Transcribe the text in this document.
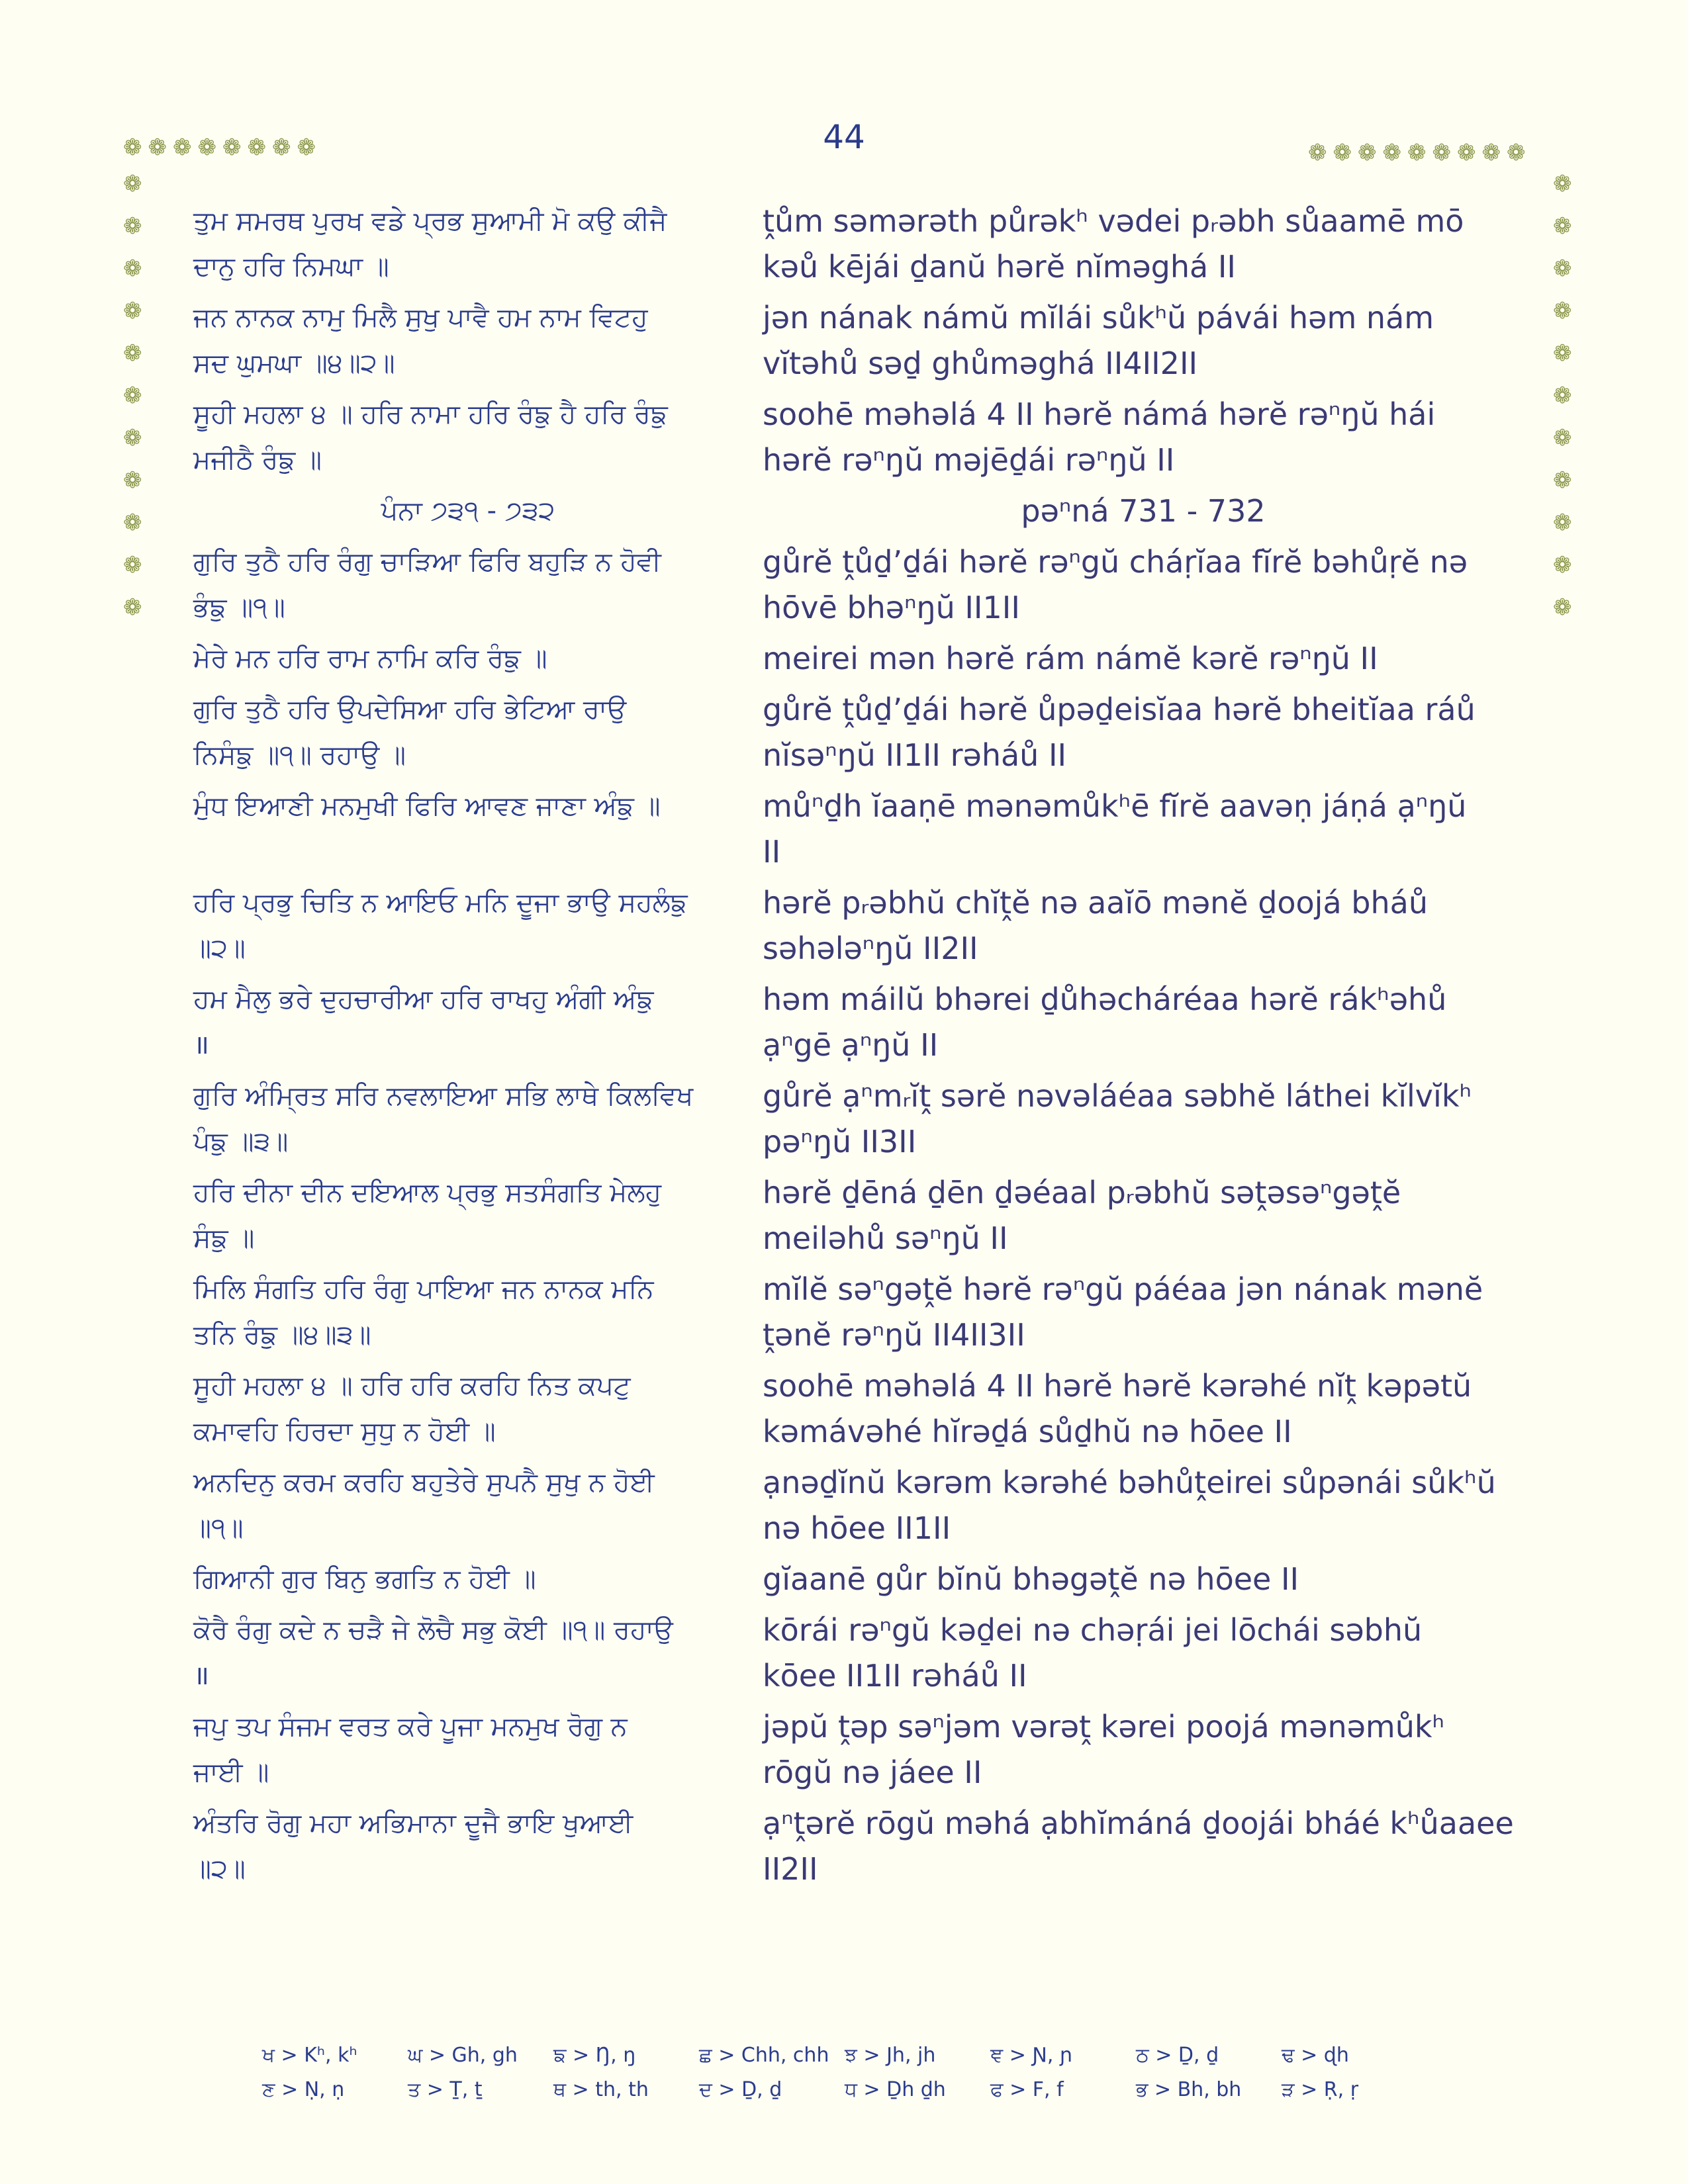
44
❁❁❁❁❁❁❁❁	❁❁❁❁❁❁❁❁❁
❁
❁
❁
❁
❁
❁
❁
❁
❁
❁
❁
❁
❁
❁
❁
❁
❁
❁
❁
❁
❁
❁
ਤੁਮ ਸਮਰਥ ਪੁਰਖ ਵਡੇ ਪ੍ਰਭ ਸੁਆਮੀ ਮੋ ਕਉ ਕੀਜੈ
ਦਾਨੁ ਹਰਿ ਨਿਮਘਾ ॥
ṱům səmərəth půrəkʰ vədei pᵣəbh sůaamē mō
kəů kējái ḏanŭ hərĕ nĭməghá II
ਜਨ ਨਾਨਕ ਨਾਮੁ ਮਿਲੈ ਸੁਖੁ ਪਾਵੈ ਹਮ ਨਾਮ ਵਿਟਹੁ
ਸਦ ਘੁਮਘਾ ॥੪॥੨॥
jən nának námŭ mĭlái sůkʰŭ pávái həm nám
vĭtəhů səḏ ghůməghá II4II2II
ਸੂਹੀ ਮਹਲਾ ੪ ॥ ਹਰਿ ਨਾਮਾ ਹਰਿ ਰੰਙੁ ਹੈ ਹਰਿ ਰੰਙੁ
ਮਜੀਠੈ ਰੰਙੁ ॥
soohē məhəlá 4 II hərĕ námá hərĕ rəⁿŋŭ hái
hərĕ rəⁿŋŭ məjēḏái rəⁿŋŭ II
ਪੰਨਾ ੭੩੧ - ੭੩੨	pəⁿná 731 - 732
ਗੁਰਿ ਤੁਠੈ ਹਰਿ ਰੰਗੁ ਚਾੜਿਆ ਫਿਰਿ ਬਹੁੜਿ ਨ ਹੋਵੀ
ਭੰਙੁ ॥੧॥
gůrĕ ṱůḏ’ḏái hərĕ rəⁿgŭ cháṛĭaa fĭrĕ bəhůṛĕ nə
hōvē bhəⁿŋŭ II1II
ਮੇਰੇ ਮਨ ਹਰਿ ਰਾਮ ਨਾਮਿ ਕਰਿ ਰੰਙੁ ॥	meirei mən hərĕ rám námĕ kərĕ rəⁿŋŭ II
ਗੁਰਿ ਤੁਠੈ ਹਰਿ ਉਪਦੇਸਿਆ ਹਰਿ ਭੇਟਿਆ ਰਾਉ
ਨਿਸੰਙੁ ॥੧॥ ਰਹਾਉ ॥
gůrĕ ṱůḏ’ḏái hərĕ ůpəḏeisĭaa hərĕ bheitĭaa ráů
nĭsəⁿŋŭ II1II rəháů II
ਮੁੰਧ ਇਆਣੀ ਮਨਮੁਖੀ ਫਿਰਿ ਆਵਣ ਜਾਣਾ ਅੰਙੁ ॥	můⁿḏh ĭaaṇē mənəmůkʰē fĭrĕ aavəṇ jáṇá ạⁿŋŭ
II
ਹਰਿ ਪ੍ਰਭੁ ਚਿਤਿ ਨ ਆਇਓ ਮਨਿ ਦੂਜਾ ਭਾਉ ਸਹਲੰਙੁ
॥੨॥
hərĕ pᵣəbhŭ chĭṱĕ nə aaĭō mənĕ ḏoojá bháů
səhələⁿŋŭ II2II
ਹਮ ਮੈਲੁ ਭਰੇ ਦੁਹਚਾਰੀਆ ਹਰਿ ਰਾਖਹੁ ਅੰਗੀ ਅੰਙੁ
॥
həm máilŭ bhərei ḏůhəcháréaa hərĕ rákʰəhů
ạⁿgē ạⁿŋŭ II
ਗੁਰਿ ਅੰਮ੍ਰਿਤ ਸਰਿ ਨਵਲਾਇਆ ਸਭਿ ਲਾਥੇ ਕਿਲਵਿਖ
ਪੰਙੁ ॥੩॥
gůrĕ ạⁿmᵣĭṱ sərĕ nəvəláéaa səbhĕ láthei kĭlvĭkʰ
pəⁿŋŭ II3II
ਹਰਿ ਦੀਨਾ ਦੀਨ ਦਇਆਲ ਪ੍ਰਭੁ ਸਤਸੰਗਤਿ ਮੇਲਹੁ
ਸੰਙੁ ॥
hərĕ ḏēná ḏēn ḏəéaal pᵣəbhŭ səṱəsəⁿgəṱĕ
meiləhů səⁿŋŭ II
ਮਿਲਿ ਸੰਗਤਿ ਹਰਿ ਰੰਗੁ ਪਾਇਆ ਜਨ ਨਾਨਕ ਮਨਿ
ਤਨਿ ਰੰਙੁ ॥੪॥੩॥
mĭlĕ səⁿgəṱĕ hərĕ rəⁿgŭ páéaa jən nának mənĕ
ṱənĕ rəⁿŋŭ II4II3II
ਸੂਹੀ ਮਹਲਾ ੪ ॥ ਹਰਿ ਹਰਿ ਕਰਹਿ ਨਿਤ ਕਪਟੁ
ਕਮਾਵਹਿ ਹਿਰਦਾ ਸੁਧੁ ਨ ਹੋਈ ॥
soohē məhəlá 4 II hərĕ hərĕ kərəhé nĭṱ kəpətŭ
kəmávəhé hĭrəḏá sůḏhŭ nə hōee II
ਅਨਦਿਨੁ ਕਰਮ ਕਰਹਿ ਬਹੁਤੇਰੇ ਸੁਪਨੈ ਸੁਖੁ ਨ ਹੋਈ
॥੧॥
ạnəḏĭnŭ kərəm kərəhé bəhůṱeirei sůpənái sůkʰŭ
nə hōee II1II
ਗਿਆਨੀ ਗੁਰ ਬਿਨੁ ਭਗਤਿ ਨ ਹੋਈ ॥	gĭaanē gůr bĭnŭ bhəgəṱĕ nə hōee II
ਕੋਰੈ ਰੰਗੁ ਕਦੇ ਨ ਚੜੈ ਜੇ ਲੋਚੈ ਸਭੁ ਕੋਈ ॥੧॥ ਰਹਾਉ
॥
kōrái rəⁿgŭ kəḏei nə chəṛái jei lōchái səbhŭ
kōee II1II rəháů II
ਜਪੁ ਤਪ ਸੰਜਮ ਵਰਤ ਕਰੇ ਪੂਜਾ ਮਨਮੁਖ ਰੋਗੁ ਨ
ਜਾਈ ॥
jəpŭ ṱəp səⁿjəm vərəṱ kərei poojá mənəmůkʰ
rōgŭ nə jáee II
ਅੰਤਰਿ ਰੋਗੁ ਮਹਾ ਅਭਿਮਾਨਾ ਦੂਜੈ ਭਾਇ ਖੁਆਈ
॥੨॥
ạⁿṱərĕ rōgŭ məhá ạbhĭmáná ḏoojái bháé kʰůaaee
II2II
ਖ > Kʰ, kʰ	ਘ > Gh, gh	ਙ > Ŋ, ŋ	ਛ > Chh, chh ਝ > Jh, jh	ਞ > Ɲ, ɲ	ਠ > Ḏ, ḏ	ਢ > ɖh
ਣ > Ṇ, ṇ	ਤ > Ṯ, ṯ	ਥ > th, th	ਦ > Ḏ, ḏ	ਧ > Ḏh ḏh	ਫ > F, f	ਭ > Bh, bh	ੜ > Ṛ, ṛ
